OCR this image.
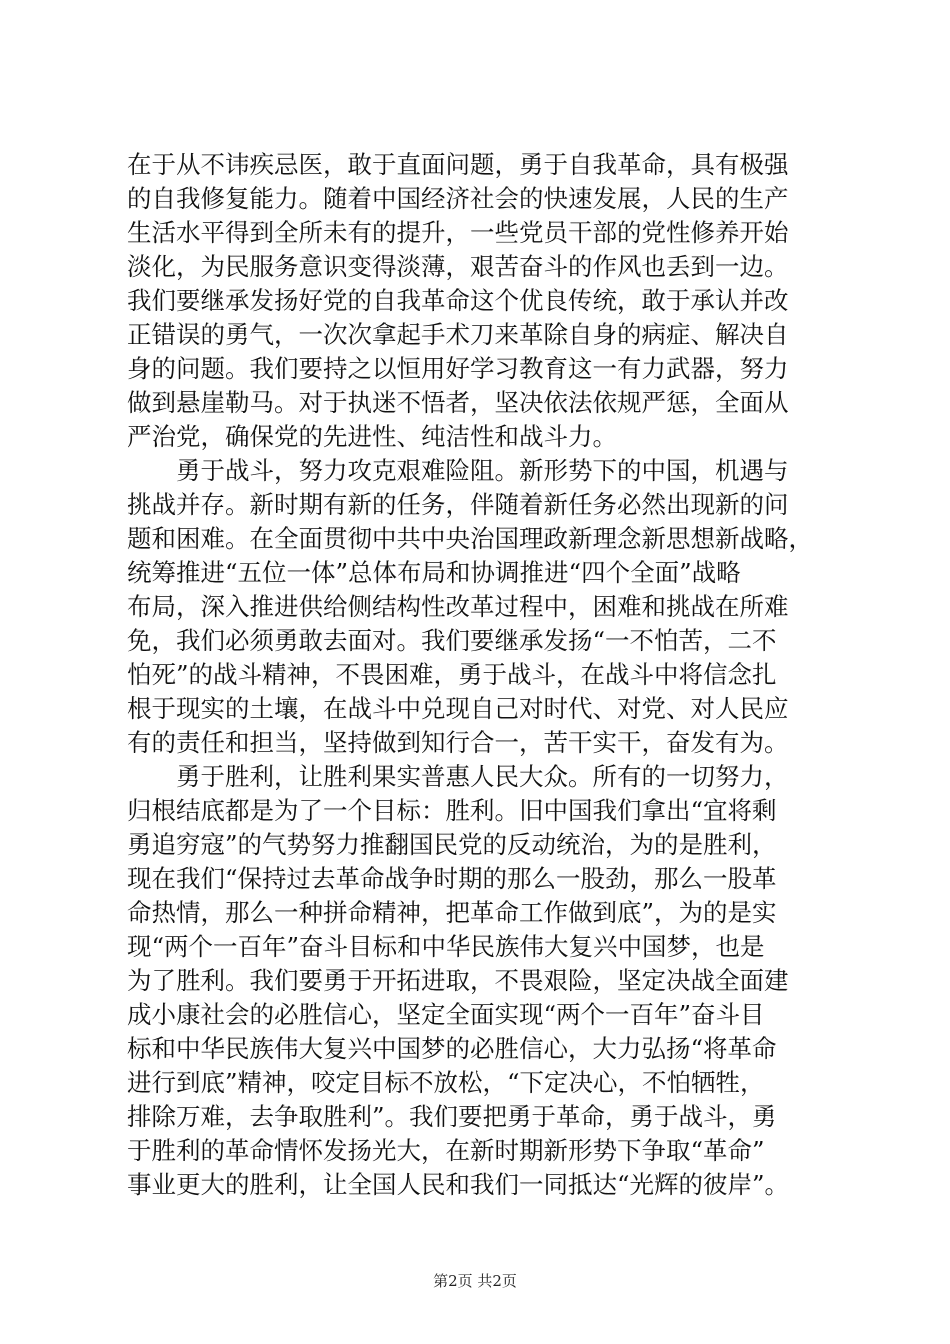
在于从不讳疾忌医，敢于直面问题，勇于自我革命，具有极强
的自我修复能力。随着中国经济社会的快速发展，人民的生产
生活水平得到全所未有的提升，一些党员干部的党性修养开始
淡化，为民服务意识变得淡薄，艰苦奋斗的作风也丢到一边。
我们要继承发扬好党的自我革命这个优良传统，敢于承认并改
正错误的勇气，一次次拿起手术刀来革除自身的病症、解决自
身的问题。我们要持之以恒用好学习教育这一有力武器，努力
做到悬崖勒马。对于执迷不悟者，坚决依法依规严惩，全面从
严治党，确保党的先进性、纯洁性和战斗力。
　　勇于战斗，努力攻克艰难险阻。新形势下的中国，机遇与
挑战并存。新时期有新的任务，伴随着新任务必然出现新的问
题和困难。在全面贯彻中共中央治国理政新理念新思想新战略，
统筹推进“五位一体”总体布局和协调推进“四个全面”战略
布局，深入推进供给侧结构性改革过程中，困难和挑战在所难
免，我们必须勇敢去面对。我们要继承发扬“一不怕苦，二不
怕死”的战斗精神，不畏困难，勇于战斗，在战斗中将信念扎
根于现实的土壤，在战斗中兑现自己对时代、对党、对人民应
有的责任和担当，坚持做到知行合一，苦干实干，奋发有为。
　　勇于胜利，让胜利果实普惠人民大众。所有的一切努力，
归根结底都是为了一个目标：胜利。旧中国我们拿出“宜将剩
勇追穷寇”的气势努力推翻国民党的反动统治，为的是胜利，
现在我们“保持过去革命战争时期的那么一股劲，那么一股革
命热情，那么一种拼命精神，把革命工作做到底”，为的是实
现“两个一百年”奋斗目标和中华民族伟大复兴中国梦，也是
为了胜利。我们要勇于开拓进取，不畏艰险，坚定决战全面建
成小康社会的必胜信心，坚定全面实现“两个一百年”奋斗目
标和中华民族伟大复兴中国梦的必胜信心，大力弘扬“将革命
进行到底”精神，咬定目标不放松，“下定决心，不怕牺牲，
排除万难，去争取胜利”。我们要把勇于革命，勇于战斗，勇
于胜利的革命情怀发扬光大，在新时期新形势下争取“革命”
事业更大的胜利，让全国人民和我们一同抵达“光辉的彼岸”。
第2页 共2页
